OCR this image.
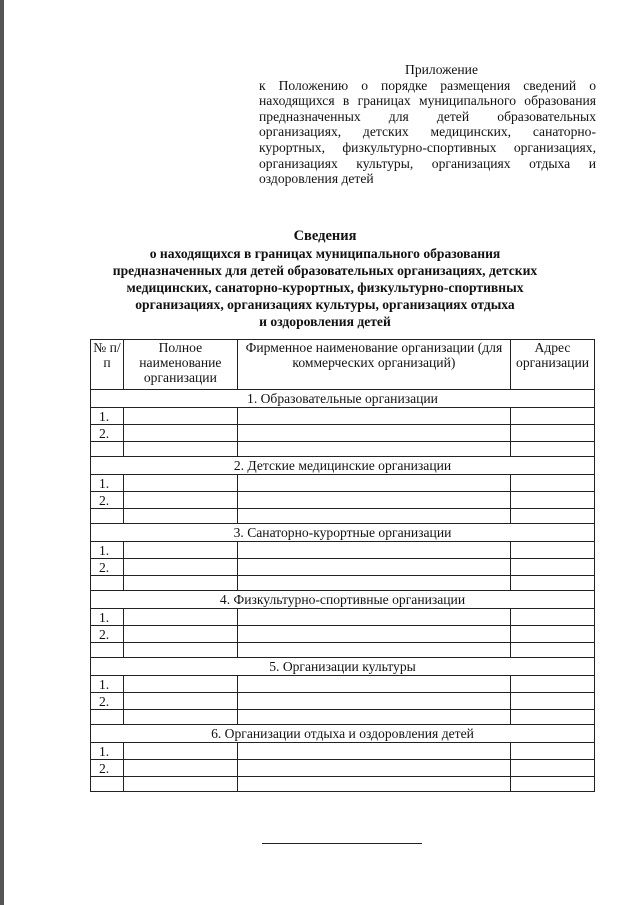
Приложение
к Положению о порядке размещения сведений о находящихся в границах муниципального образования предназначенных для детей образовательных организациях, детских медицинских, санаторно-курортных, физкультурно-спортивных организациях, организациях культуры, организациях отдыха и оздоровления детей
Сведения
о находящихся в границах муниципального образования
предназначенных для детей образовательных организациях, детских
медицинских, санаторно-курортных, физкультурно-спортивных
организациях, организациях культуры, организациях отдыха
и оздоровления детей
№ п/п	Полное наименование организации	Фирменное наименование организации (для коммерческих организаций)	Адрес организации
1. Образовательные организации			
1.			
2.			

2. Детские медицинские организации			
1.			
2.			

3. Санаторно-курортные организации			
1.			
2.			

4. Физкультурно-спортивные организации			
1.			
2.			

5. Организации культуры			
1.			
2.			

6. Организации отдыха и оздоровления детей			
1.			
2.			
